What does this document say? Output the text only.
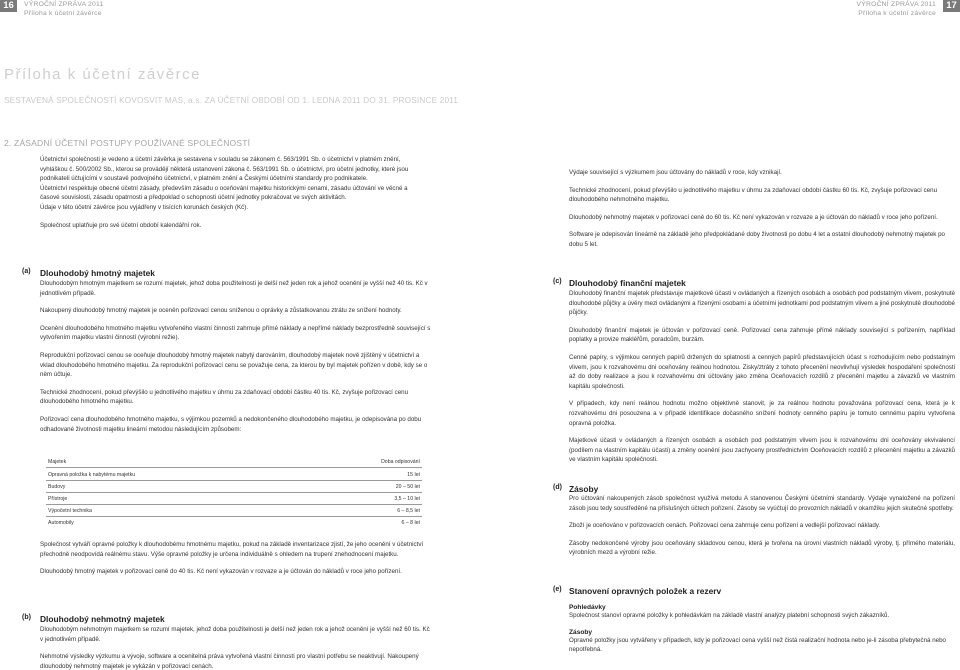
16	VÝROČNÍ ZPRÁVA 2011
Příloha k účetní závěrce
VÝROČNÍ ZPRÁVA 2011
Příloha k účetní závěrce
17
Příloha k účetní závěrce
SESTAVENÁ SPOLEČNOSTÍ KOVOSVIT MAS, a.s. ZA ÚČETNÍ OBDOBÍ OD 1. LEDNA 2011 DO 31. PROSINCE 2011
2. ZÁSADNÍ ÚČETNÍ POSTUPY POUŽÍVANÉ SPOLEČNOSTÍ
Účetnictví společnosti je vedeno a účetní závěrka je sestavena v souladu se zákonem č. 563/1991 Sb. o účetnictví v platném znění, vyhláškou č. 500/2002 Sb., kterou se provádějí některá ustanovení zákona č. 563/1991 Sb. o účetnictví, pro účetní jednotky, které jsou podnikateli účtujícími v soustavě podvojného účetnictví, v platném znění a Českými účetními standardy pro podnikatele.
Účetnictví respektuje obecné účetní zásady, především zásadu o oceňování majetku historickými cenami, zásadu účtování ve věcné a časové souvislosti, zásadu opatrnosti a předpoklad o schopnosti účetní jednotky pokračovat ve svých aktivitách.
Údaje v této účetní závěrce jsou vyjádřeny v tisících korunách českých (Kč).
Společnost uplatňuje pro své účetní období kalendářní rok.
(a) Dlouhodobý hmotný majetek
Dlouhodobým hmotným majetkem se rozumí majetek, jehož doba použitelnosti je delší než jeden rok a jehož ocenění je vyšší než 40 tis. Kč v jednotlivém případě.
Nakoupený dlouhodobý hmotný majetek je oceněn pořizovací cenou sníženou o oprávky a zůstatkovanou ztrátu ze snížení hodnoty.
Ocenění dlouhodobého hmotného majetku vytvořeného vlastní činností zahrnuje přímé náklady a nepřímé náklady bezprostředně související s vytvořením majetku vlastní činností (výrobní režie).
Reprodukční pořizovací cenou se oceňuje dlouhodobý hmotný majetek nabytý darováním, dlouhodobý majetek nově zjištěný v účetnictví a vklad dlouhodobého hmotného majetku. Za reprodukční pořizovací cenu se považuje cena, za kterou by byl majetek pořízen v době, kdy se o něm účtuje.
Technické zhodnocení, pokud převýšilo u jednotlivého majetku v úhrnu za zdaňovací období částku 40 tis. Kč, zvyšuje pořizovací cenu dlouhodobého hmotného majetku.
Pořizovací cena dlouhodobého hmotného majetku, s výjimkou pozemků a nedokončeného dlouhodobého majetku, je odepisována po dobu odhadované životnosti majetku lineární metodou následujícím způsobem:
Majetek	Doba odpisování
Opravná položka k nabytému majetku	15 let
Budovy	20 – 50 let
Přístroje	3,5 – 10 let
Výpočetní technika	6 – 8,5 let
Automobily	6 – 8 let
Společnost vytváří opravné položky k dlouhodobému hmotnému majetku, pokud na základě inventarizace zjistí, že jeho ocenění v účetnictví přechodně neodpovídá reálnému stavu. Výše opravné položky je určena individuálně s ohledem na trupení znehodnocení majetku.
Dlouhodobý hmotný majetek v pořizovací ceně do 40 tis. Kč není vykazován v rozvaze a je účtován do nákladů v roce jeho pořízení.
(b) Dlouhodobý nehmotný majetek
Dlouhodobým nehmotným majetkem se rozumí majetek, jehož doba použitelnosti je delší než jeden rok a jehož ocenění je vyšší než 60 tis. Kč v jednotlivém případě.
Nehmotné výsledky výzkumu a vývoje, software a ocenitelná práva vytvořená vlastní činností pro vlastní potřebu se neaktivují. Nakoupený dlouhodobý nehmotný majetek je vykázán v pořizovací cenách.
Výdaje související s výzkumem jsou účtovány do nákladů v roce, kdy vznikají.
Technické zhodnocení, pokud převýšilo u jednotlivého majetku v úhrnu za zdaňovací období částku 60 tis. Kč, zvyšuje pořizovací cenu dlouhodobého nehmotného majetku.
Dlouhodobý nehmotný majetek v pořizovací ceně do 60 tis. Kč není vykazován v rozvaze a je účtován do nákladů v roce jeho pořízení.
Software je odepisován lineárně na základě jeho předpokládané doby životnosti po dobu 4 let a ostatní dlouhodobý nehmotný majetek po dobu 5 let.
(c) Dlouhodobý finanční majetek
Dlouhodobý finanční majetek představuje majetkové účasti v ovládaných a řízených osobách a osobách pod podstatným vlivem, poskytnuté dlouhodobé půjčky a úvěry mezi ovládanými a řízenými osobami a účetními jednotkami pod podstatným vlivem a jiné poskytnuté dlouhodobé půjčky.
Dlouhodobý finanční majetek je účtován v pořizovací ceně. Pořizovací cena zahrnuje přímé náklady související s pořízením, například poplatky a provize makléřům, poradcům, burzám.
Cenné papíry, s výjimkou cenných papírů držených do splatnosti a cenných papírů představujících účast s rozhodujícím nebo podstatným vlivem, jsou k rozvahovému dni oceňovány reálnou hodnotou. Zisky/ztráty z tohoto přecenění neovlivňují výsledek hospodaření společnosti až do doby realizace a jsou k rozvahovému dni účtovány jako změna Oceňovacích rozdílů z přecenění majetku a závazků ve vlastním kapitálu společnosti.
V případech, kdy není reálnou hodnotu možno objektivně stanovit, je za reálnou hodnotu považována pořizovací cena, která je k rozvahovému dni posouzena a v případě identifikace dočasného snížení hodnoty cenného papíru je tomuto cennému papíru vytvořena opravná položka.
Majetkové účasti v ovládaných a řízených osobách a osobách pod podstatným vlivem jsou k rozvahovému dni oceňovány ekvivalencí (podílem na vlastním kapitálu účasti) a změny ocenění jsou zachyceny prostřednictvím Oceňovacích rozdílů z přecenění majetku a závazků ve vlastním kapitálu společnosti.
(d) Zásoby
Pro účtování nakoupených zásob společnost využívá metodu A stanovenou Českými účetními standardy. Výdaje vynaložené na pořízení zásob jsou tedy soustředěné na příslušných účtech pořízení. Zásoby se vyúčtují do provozních nákladů v okamžiku jejich skutečné spotřeby.
Zboží je oceňováno v pořizovacích cenách. Pořizovací cena zahrnuje cenu pořízení a vedlejší pořizovací náklady.
Zásoby nedokončené výroby jsou oceňovány skladovou cenou, která je tvořena na úrovni vlastních nákladů výroby, tj. přímého materiálu, výrobních mezd a výrobní režie.
(e) Stanovení opravných položek a rezerv
Pohledávky
Společnost stanoví opravné položky k pohledávkám na základě vlastní analýzy platební schopnosti svých zákazníků.
Zásoby
Opravné položky jsou vytvářeny v případech, kdy je pořizovací cena vyšší než čistá realizační hodnota nebo je-li zásoba přebytečná nebo nepotřebná.
